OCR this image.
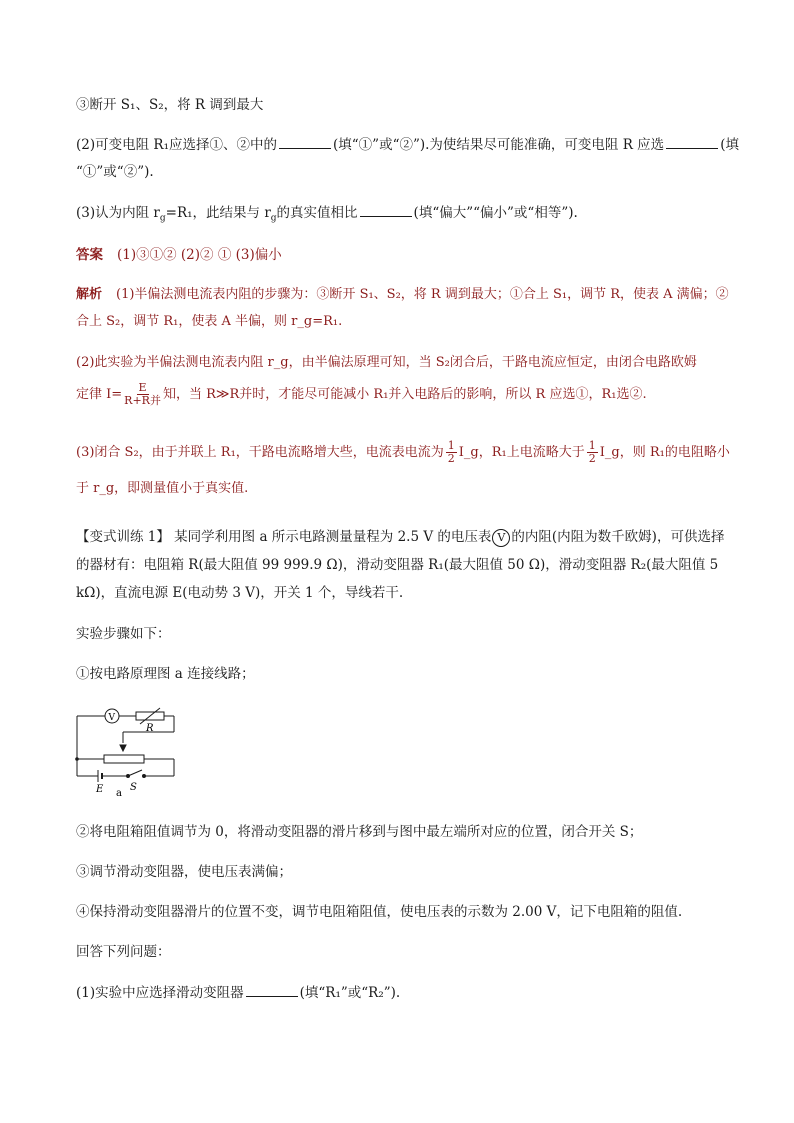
③断开 S₁、S₂，将 R 调到最大
(2)可变电阻 R₁应选择①、②中的	(填“①”或“②”).为使结果尽可能准确，可变电阻 R 应选	(填
“①”或“②”).
(3)认为内阻 $r_g=R_1$，此结果与 $r_g$的真实值相比	(填“偏大”“偏小”或“相等”).
答案 (1)③①② (2)② ① (3)偏小
解析 (1)半偏法测电流表内阻的步骤为：③断开 S₁、S₂，将 R 调到最大；①合上 S₁，调节 R，使表 A 满偏；②
合上 S₂，调节 R₁，使表 A 半偏，则 r_g=R₁.
(2)此实验为半偏法测电流表内阻 r_g，由半偏法原理可知，当 S₂闭合后，干路电流应恒定，由闭合电路欧姆
定律 $I= \frac{E}{\text{R+R并}}$ 知，当 R≫R并时，才能尽可能减小 R₁并入电路后的影响，所以 R 应选①，R₁选②.
(3)闭合 S₂，由于并联上 R₁，干路电流略增大些，电流表电流为 $\frac{1}{2}$ I_g，R₁上电流略大于 $\frac{1}{2}$ I_g，则 R₁的电阻略小
于 r_g，即测量值小于真实值.
【变式训练 1】 某同学利用图 a 所示电路测量量程为 2.5 V 的电压表 V 的内阻(内阻为数千欧姆)，可供选择
的器材有：电阻箱 R(最大阻值 99 999.9 Ω)，滑动变阻器 R₁(最大阻值 50 Ω)，滑动变阻器 R₂(最大阻值 5
kΩ)，直流电源 E(电动势 3 V)，开关 1 个，导线若干.
实验步骤如下：
①按电路原理图 a 连接线路；
V
R
E	S
a
②将电阻箱阻值调节为 0，将滑动变阻器的滑片移到与图中最左端所对应的位置，闭合开关 S；
③调节滑动变阻器，使电压表满偏；
④保持滑动变阻器滑片的位置不变，调节电阻箱阻值，使电压表的示数为 2.00 V，记下电阻箱的阻值.
回答下列问题：
(1)实验中应选择滑动变阻器	(填“R₁”或“R₂”).
